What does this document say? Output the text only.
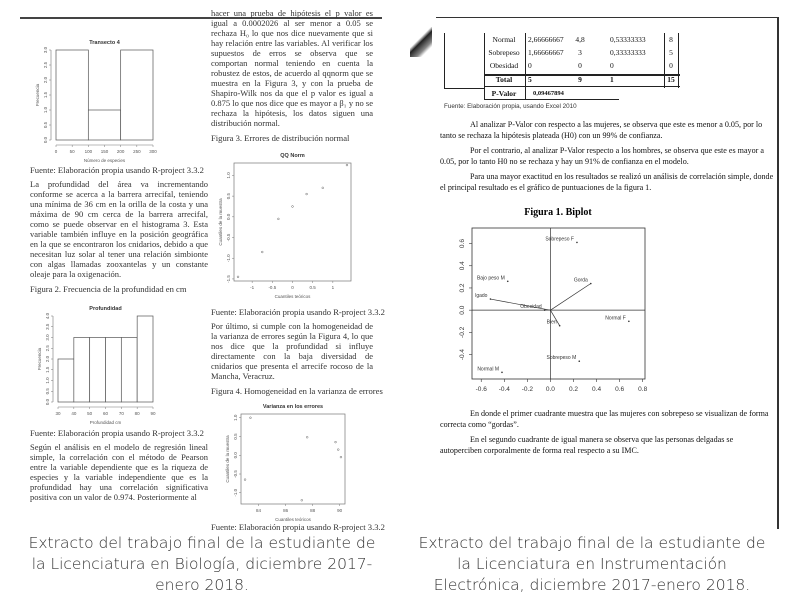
Transecto 4
0	50 100 150 200 250 300
0.0
0.5
1.0
1.5
2.0
2.5
3.0
Número de especies
Frecuencia
Fuente: Elaboración propia usando R-project 3.3.2
La profundidad del área va incrementando conforme se acerca a la barrera arrecifal, teniendo una mínima de 36 cm en la orilla de la costa y una máxima de 90 cm cerca de la barrera arrecifal, como se puede observar en el histograma 3. Esta variable también influye en la posición geográfica en la que se encontraron los cnidarios, debido a que necesitan luz solar al tener una relación simbionte con algas llamadas zooxantelas y un constante oleaje para la oxigenación.
Figura 2. Frecuencia de la profundidad en cm
Profundidad
30 40 50 60 70 80 90
0.0
0.5
1.0
1.5
2.0
2.5
3.0
3.5
4.0
Profundidad cm
Frecuencia
Fuente: Elaboración propia usando R-project 3.3.2
Según el análisis en el modelo de regresión lineal simple, la correlación con el método de Pearson entre la variable dependiente que es la riqueza de especies y la variable independiente que es la profundidad hay una correlación significativa positiva con un valor de 0.974. Posteriormente al
hacer una prueba de hipótesis el p valor es igual a 0.0002026 al ser menor a 0.05 se rechaza H₀ lo que nos dice nuevamente que si hay relación entre las variables. Al verificar los supuestos de erros se observa que se comportan normal teniendo en cuenta la robustez de estos, de acuerdo al qqnorm que se muestra en la Figura 3, y con la prueba de Shapiro-Wilk nos da que el p valor es igual a 0.875 lo que nos dice que es mayor a β₁ y no se rechaza la hipótesis, los datos siguen una distribución normal.
Figura 3. Errores de distribución normal
QQ Norm
-1	-0.5	0	0.5	1
-1.5
-1.0
-0.5
0.0
0.5
1.0
Cuantiles teóricos
Cuantiles de la muestra
Fuente: Elaboración propia usando R-project 3.3.2
Por último, si cumple con la homogeneidad de la varianza de errores según la Figura 4, lo que nos dice que la profundidad si influye directamente con la baja diversidad de cnidarios que presenta el arrecife rocoso de la Mancha, Veracruz.
Figura 4. Homogeneidad en la varianza de errores
Varianza en los errores
84	86	88	90
-1.0
-0.5
0.0
0.5
1.0
Cuantiles teóricos
Cuantiles de la muestra
Fuente: Elaboración propia usando R-project 3.3.2
Normal 2,66666667 4,8	0,53333333	8
Sobrepeso 1,66666667 3	0,33333333	5
Obesidad 0	0	0	0
Total 5	9	1	15
P-Valor	0,09467894
Fuente: Elaboración propia, usando Excel 2010
Al analizar P-Valor con respecto a las mujeres, se observa que este es menor a 0.05, por lo tanto se rechaza la hipótesis plateada (H0) con un 99% de confianza.
Por el contrario, al analizar P-Valor respecto a los hombres, se observa que este es mayor a 0.05, por lo tanto H0 no se rechaza y hay un 91% de confianza en el modelo.
Para una mayor exactitud en los resultados se realizó un análisis de correlación simple, donde el principal resultado es el gráfico de puntuaciones de la figura 1.
Figura 1. Biplot
-0.6 -0.4 -0.2 0.0 0.2 0.4 0.6 0.8
-0.4
-0.2
0.0
0.2
0.4
0.6	Sobrepeso F
Bajo peso M	Gorda
lgado
Obesidad
Bien
Normal F
Sobrepeso M
Normal M
En donde el primer cuadrante muestra que las mujeres con sobrepeso se visualizan de forma correcta como “gordas”.
En el segundo cuadrante de igual manera se observa que las personas delgadas se autoperciben corporalmente de forma real respecto a su IMC.
Extracto del trabajo final de la estudiante de la Licenciatura en Biología, diciembre 2017-enero 2018.
Extracto del trabajo final de la estudiante de la Licenciatura en Instrumentación Electrónica, diciembre 2017-enero 2018.
